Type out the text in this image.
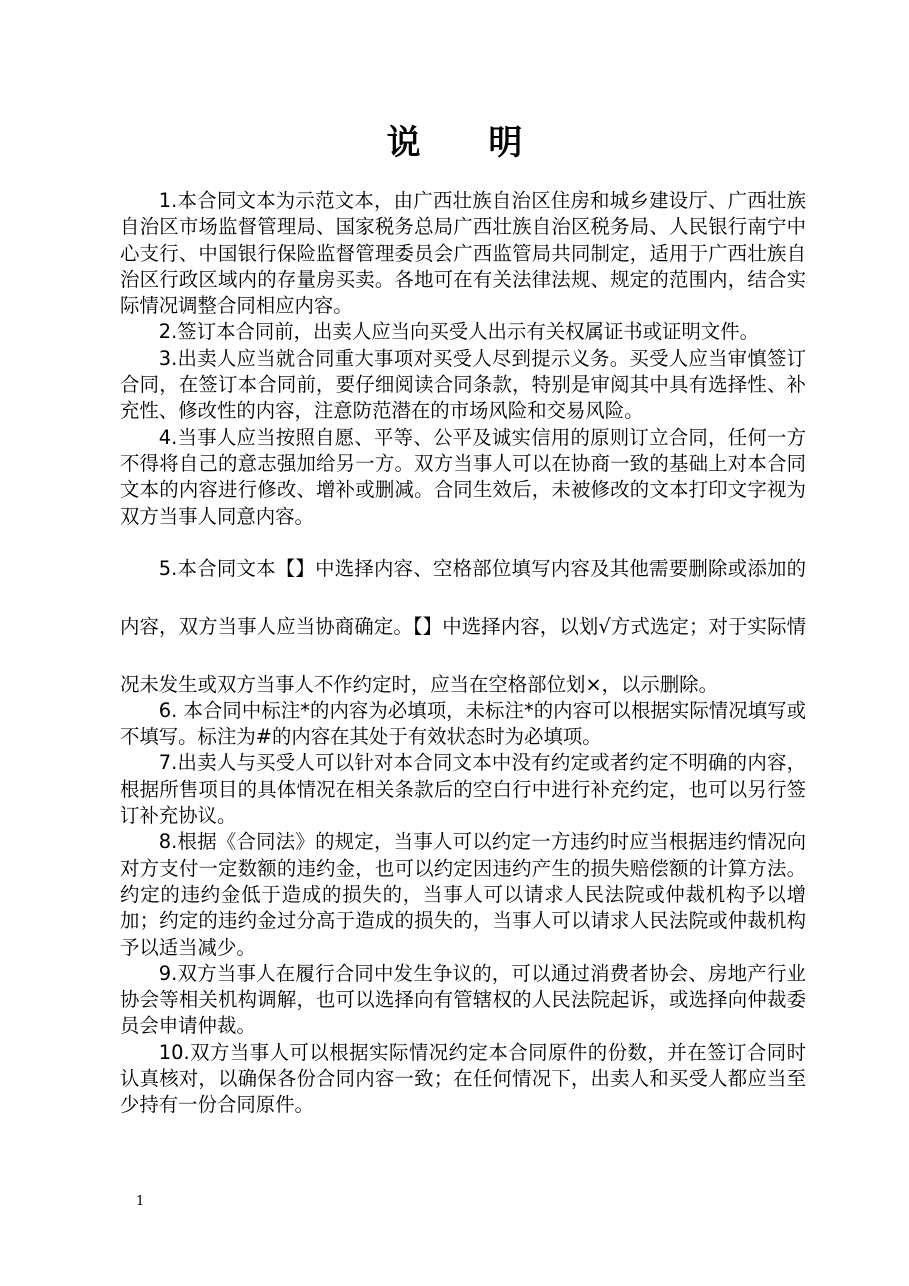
说 明

1.本合同文本为示范文本，由广西壮族自治区住房和城乡建设厅、广西壮族自治区市场监督管理局、国家税务总局广西壮族自治区税务局、人民银行南宁中心支行、中国银行保险监督管理委员会广西监管局共同制定，适用于广西壮族自治区行政区域内的存量房买卖。各地可在有关法律法规、规定的范围内，结合实际情况调整合同相应内容。

2.签订本合同前，出卖人应当向买受人出示有关权属证书或证明文件。

3.出卖人应当就合同重大事项对买受人尽到提示义务。买受人应当审慎签订合同，在签订本合同前，要仔细阅读合同条款，特别是审阅其中具有选择性、补充性、修改性的内容，注意防范潜在的市场风险和交易风险。

4.当事人应当按照自愿、平等、公平及诚实信用的原则订立合同，任何一方不得将自己的意志强加给另一方。双方当事人可以在协商一致的基础上对本合同文本的内容进行修改、增补或删减。合同生效后，未被修改的文本打印文字视为双方当事人同意内容。

5.本合同文本【】中选择内容、空格部位填写内容及其他需要删除或添加的内容，双方当事人应当协商确定。【】中选择内容，以划√方式选定；对于实际情况未发生或双方当事人不作约定时，应当在空格部位划×，以示删除。

6. 本合同中标注*的内容为必填项，未标注*的内容可以根据实际情况填写或不填写。标注为#的内容在其处于有效状态时为必填项。

7.出卖人与买受人可以针对本合同文本中没有约定或者约定不明确的内容，根据所售项目的具体情况在相关条款后的空白行中进行补充约定，也可以另行签订补充协议。

8.根据《合同法》的规定，当事人可以约定一方违约时应当根据违约情况向对方支付一定数额的违约金，也可以约定因违约产生的损失赔偿额的计算方法。约定的违约金低于造成的损失的，当事人可以请求人民法院或仲裁机构予以增加；约定的违约金过分高于造成的损失的，当事人可以请求人民法院或仲裁机构予以适当减少。

9.双方当事人在履行合同中发生争议的，可以通过消费者协会、房地产行业协会等相关机构调解，也可以选择向有管辖权的人民法院起诉，或选择向仲裁委员会申请仲裁。

10.双方当事人可以根据实际情况约定本合同原件的份数，并在签订合同时认真核对，以确保各份合同内容一致；在任何情况下，出卖人和买受人都应当至少持有一份合同原件。

1
